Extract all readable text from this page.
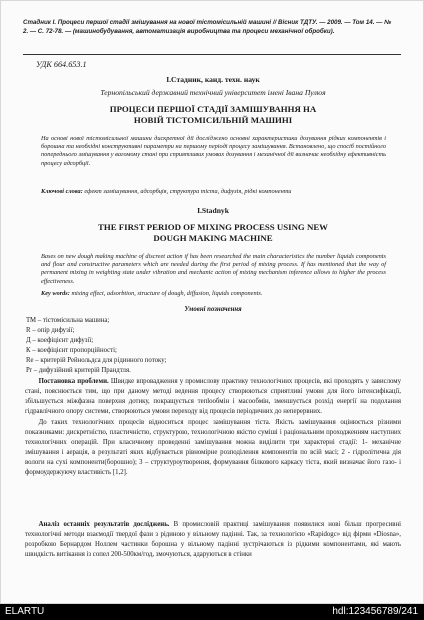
Стадник І. Процеси першої стадії змішування на нової тістомісильній машині // Вісник ТДТУ. — 2009. — Том 14. — № 2. — С. 72-78. — (машинобудування, автоматизація виробництва та процеси механічної обробки).
УДК 664.653.1
І.Стадник, канд. техн. наук
Тернопільський державний технічний університет імені Івана Пулюя
ПРОЦЕСИ ПЕРШОЇ СТАДІЇ ЗАМІШУВАННЯ НА
НОВІЙ ТІСТОМІСИЛЬНІЙ МАШИНІ
На основі нової тістомісильної машини дискретної дії досліджено основні характеристики дозування рідких компонентів і борошна та необхідні конструктивні параметри на першому періоді процесу замішування. Встановлено, що спосіб постійного попереднього змішування у вагомому стані при сприятливих умовах дозування і механічної дії визначає необхідну ефективність процесу адсорбції.
Ключові слова: ефект замішування, адсорбція, структура тіста, дифузія, рідкі компоненти
I.Stadnyk
THE FIRST PERIOD OF MIXING PROCESS USING NEW
DOUGH MAKING MACHINE
Bases on new dough making machine of discreet action if has been researched the main characteristics the number liquids components and flour and constructive parameters which are needed during the first period of mixing process. If has mentioned that the way of permanent mixing in weighting state under vibration and mechanic action of mixing mechanism inference allows to higher the process effectiveness.
Key words: mixing effect, adsorbtion, structure of dough, diffusion, liquids components.
Умовні позначення
ТМ – тістомісильна машина;
R – опір дифузії;
Д – коефіцієнт дифузії;
К – коефіцієнт пропорційності;
Re – критерій Рейнольдса для рідинного потоку;
Pr – дифузійний критерій Прандтля.
  Постановка проблеми. Швидке впровадження у промислову практику технологічних процесів, які проходять у завислому стані, пояснюється тим, що при даному методі ведення процесу створюються сприятливі умови для його інтенсифікації, збільшується міжфазна поверхня дотику, покращується тепloобмін і масообмін, зменшується розхід енергії на подолання гідравлічного опору системи, створюються умови переходу від процесів періодичних до неперервних.
  До таких технологічних процесів відноситься процес замішування тіста. Якість замішування оцінюється різними показниками: дискретністю, пластичністю, структурою, технологічною якістю суміші і раціональним проходженням наступних технологічних операцій. При класичному проведенні замішування можна виділити три характерні стадії: 1- механічне змішування і аерація, в результаті яких відбувається рівномірне розподілення компонентів по всій масі; 2 - гідролітична дія вологи на сухі компоненти(борошно); 3 – структуроутворення, формування білкового каркасу тіста, який визначає його газо- і формоудержуючу властивість [1,2].
  Аналіз останніх результатів досліджень. В промисловій практиці замішування появилися нові більш прогресивні технологічні методи взаємодії твердої фази з рідиною у вільному падінні. Так, за технологією «Rapidogc» від фірми «Diosna», розробкою Бернардом Ноллем частинки борошна у вільному падінні зустрічаються із рідкими компонентами, які мають швидкість витікання із сопел 200-500км/год, змочуються, адаруються в стінки
ELARTU	hdl:123456789/241
